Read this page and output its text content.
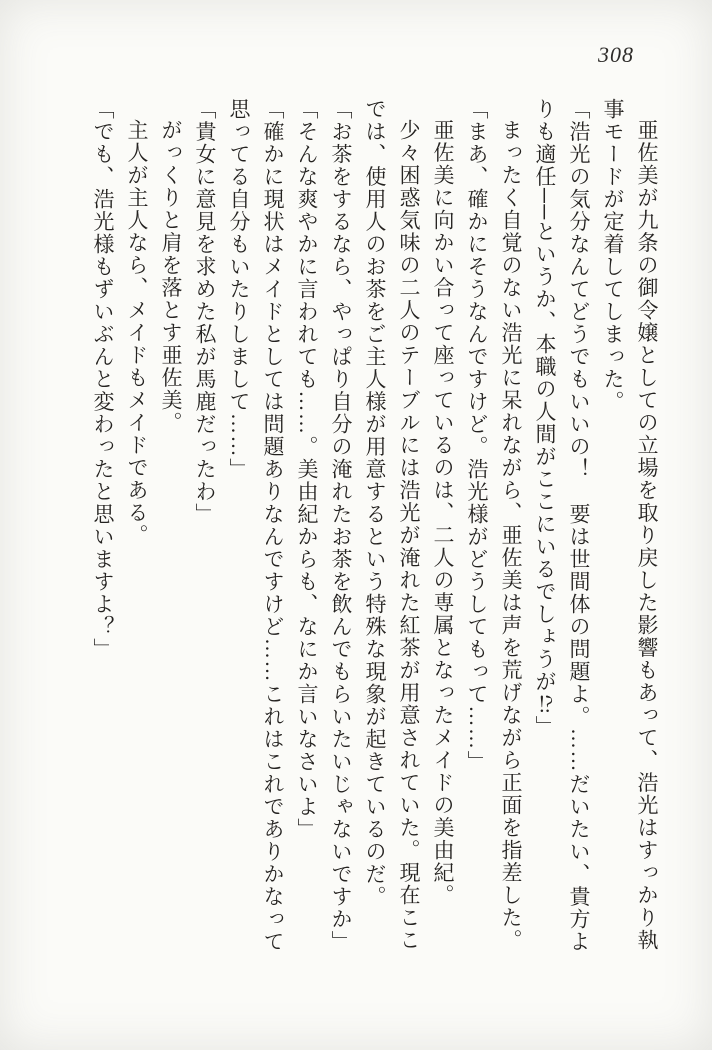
308

亜佐美が九条の御令嬢としての立場を取り戻した影響もあって、浩光はすっかり執

事モードが定着してしまった。

「浩光の気分なんてどうでもいいの！　要は世間体の問題よ。……だいたい、貴方よ

りも適任──というか、本職の人間がここにいるでしょうが⁉」

まったく自覚のない浩光に呆れながら、亜佐美は声を荒げながら正面を指差した。

「まあ、確かにそうなんですけど。浩光様がどうしてもって……」

亜佐美に向かい合って座っているのは、二人の専属となったメイドの美由紀。

少々困惑気味の二人のテーブルには浩光が淹れた紅茶が用意されていた。現在ここ

では、使用人のお茶をご主人様が用意するという特殊な現象が起きているのだ。

「お茶をするなら、やっぱり自分の淹れたお茶を飲んでもらいたいじゃないですか」

「そんな爽やかに言われても……。美由紀からも、なにか言いなさいよ」

「確かに現状はメイドとしては問題ありなんですけど……これはこれでありかなって

思ってる自分もいたりしまして……」

「貴女に意見を求めた私が馬鹿だったわ」

がっくりと肩を落とす亜佐美。

主人が主人なら、メイドもメイドである。

「でも、浩光様もずいぶんと変わったと思いますよ？」
